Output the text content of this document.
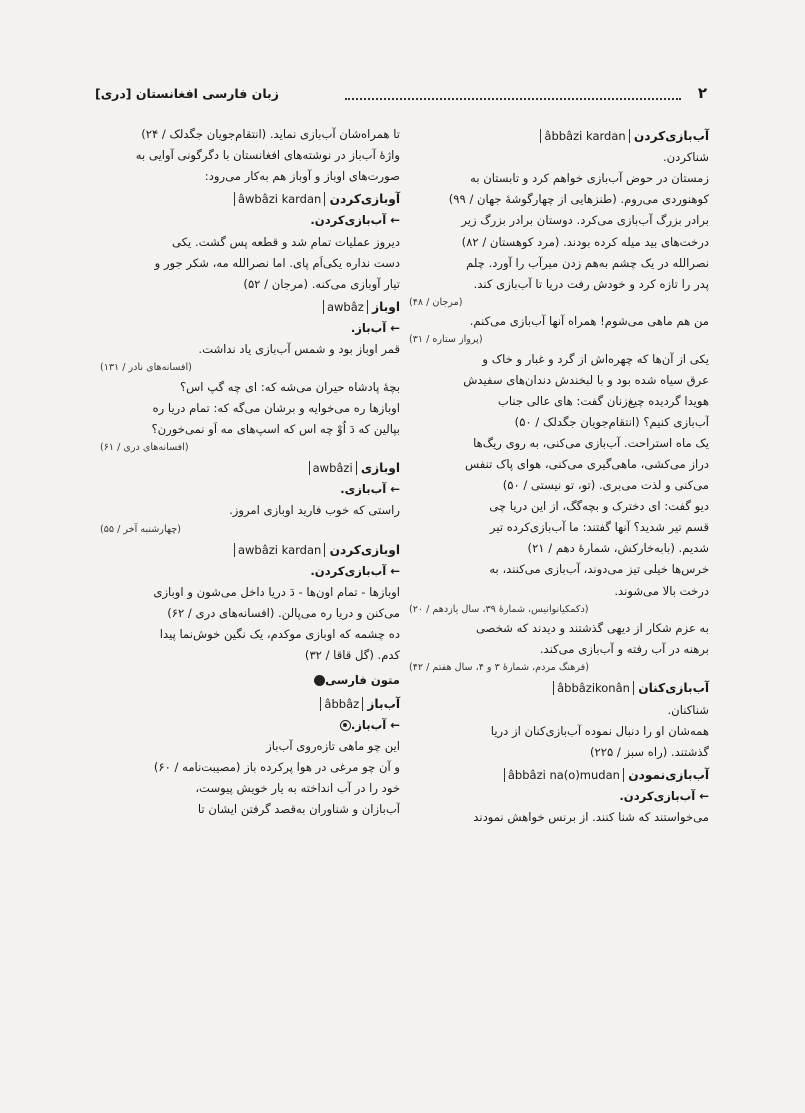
۲
زبان فارسی افغانستان [دری]
آب‌بازی‌کردن âbbâzi kardan
شناکردن.
زمستان در حوض آب‌بازی خواهم کرد و تابستان به
کوهنوردی می‌روم. (طنزهایی از چهارگوشهٔ جهان / ۹۹)
برادر بزرگ آب‌بازی می‌کرد. دوستان برادر بزرگ زیر
درخت‌های بید میله کرده بودند. (مرد کوهستان / ۸۲)
نصرالله در یک چشم به‌هم زدن میرآب را آورد. چلم
پدر را تازه کرد و خودش رفت دریا تا آب‌بازی کند.
(مرجان / ۴۸)
من هم ماهی می‌شوم! همراه آنها آب‌بازی می‌کنم.
(پرواز ستاره / ۳۱)
یکی از آن‌ها که چهره‌اش از گرد و غبار و خاک و
عرق سیاه شده بود و با لبخندش دندان‌های سفیدش
هویدا گردیده چیغ‌زنان گفت: های عالی جناب
آب‌بازی کنیم؟ (انتقام‌جویان جگدلک / ۵۰)
یک ماه استراحت. آب‌بازی می‌کنی، به روی ریگ‌ها
دراز می‌کشی، ماهی‌گیری می‌کنی، هوای پاک تنفس
می‌کنی و لذت می‌بری. (تو، تو نیستی / ۵۰)
دیو گفت: ای دخترک و بچه‌گگ، از این دریا چی
قسم تیر شدید؟ آنها گفتند: ما آب‌بازی‌کرده تیر
شدیم. (بابه‌خارکش، شمارهٔ دهم / ۲۱)
خرس‌ها خیلی تیز می‌دوند، آب‌بازی می‌کنند، به
درخت بالا می‌شوند.
(دکمکیانوانیس، شمارهٔ ۳۹، سال یازدهم / ۲۰)
به عزم شکار از دیهی گذشتند و دیدند که شخصی
برهنه در آب رفته و آب‌بازی می‌کند.
(فرهنگ مردم، شمارهٔ ۳ و ۴، سال هفتم / ۴۲)
آب‌بازی‌کنان âbbâzikonân
شناکنان.
همه‌شان او را دنبال نموده آب‌بازی‌کنان از دریا
گذشتند. (راه سبز / ۲۲۵)
آب‌بازی‌نمودن âbbâzi na(o)mudan
← آب‌بازی‌کردن.
می‌خواستند که شنا کنند. از برنس خواهش نمودند
تا همراه‌شان آب‌بازی نماید. (انتقام‌جویان جگدلک / ۲۴)
واژهٔ آب‌باز در نوشته‌های افغانستان با دگرگونی آوایی به
صورت‌های اوباز و آوباز هم به‌کار می‌رود:
آوبازی‌کردن âwbâzi kardan
← آب‌بازی‌کردن.
دیروز عملیات تمام شد و قطعه پس گشت. یکی
دست نداره یکی‌اَم پای. اما نصرالله مه، شکر جور و
تیار آوبازی می‌کنه. (مرجان / ۵۲)
اوباز awbâz
← آب‌باز.
قمر اوباز بود و شمس آب‌بازی یاد نداشت.
(افسانه‌های نادر / ۱۳۱)
بچهٔ پادشاه حیران می‌شه که: ای چه گپ اس؟
اوبازها ره می‌خوایه و برشان می‌گه که: تمام دریا ره
بپالین که دَ اُوْ چه اس که اسپ‌های مه اَو نمی‌خورن؟
(افسانه‌های دری / ۶۱)
اوبازی awbâzi
← آب‌بازی.
راستی که خوب فارید اوبازی امروز.
(چهارشنبه آخر / ۵۵)
اوبازی‌کردن awbâzi kardan
← آب‌بازی‌کردن.
اوبازها - تمام اون‌ها - دَ دریا داخل می‌شون و اوبازی
می‌کنن و دریا ره می‌پالن. (افسانه‌های دری / ۶۲)
ده چشمه که اوبازی موکدم، یک نگین خوش‌نما پیدا
کدم. (گل قاقا / ۳۲)
متون فارسی
آب‌باز âbbâz
← آب‌باز.
این چو ماهی تازه‌روی آب‌باز
و آن چو مرغی در هوا پرکرده باز (مصیبت‌نامه / ۶۰)
خود را در آب انداخته به یار خویش پیوست،
آب‌بازان و شناوران به‌قصد گرفتن ایشان تا
